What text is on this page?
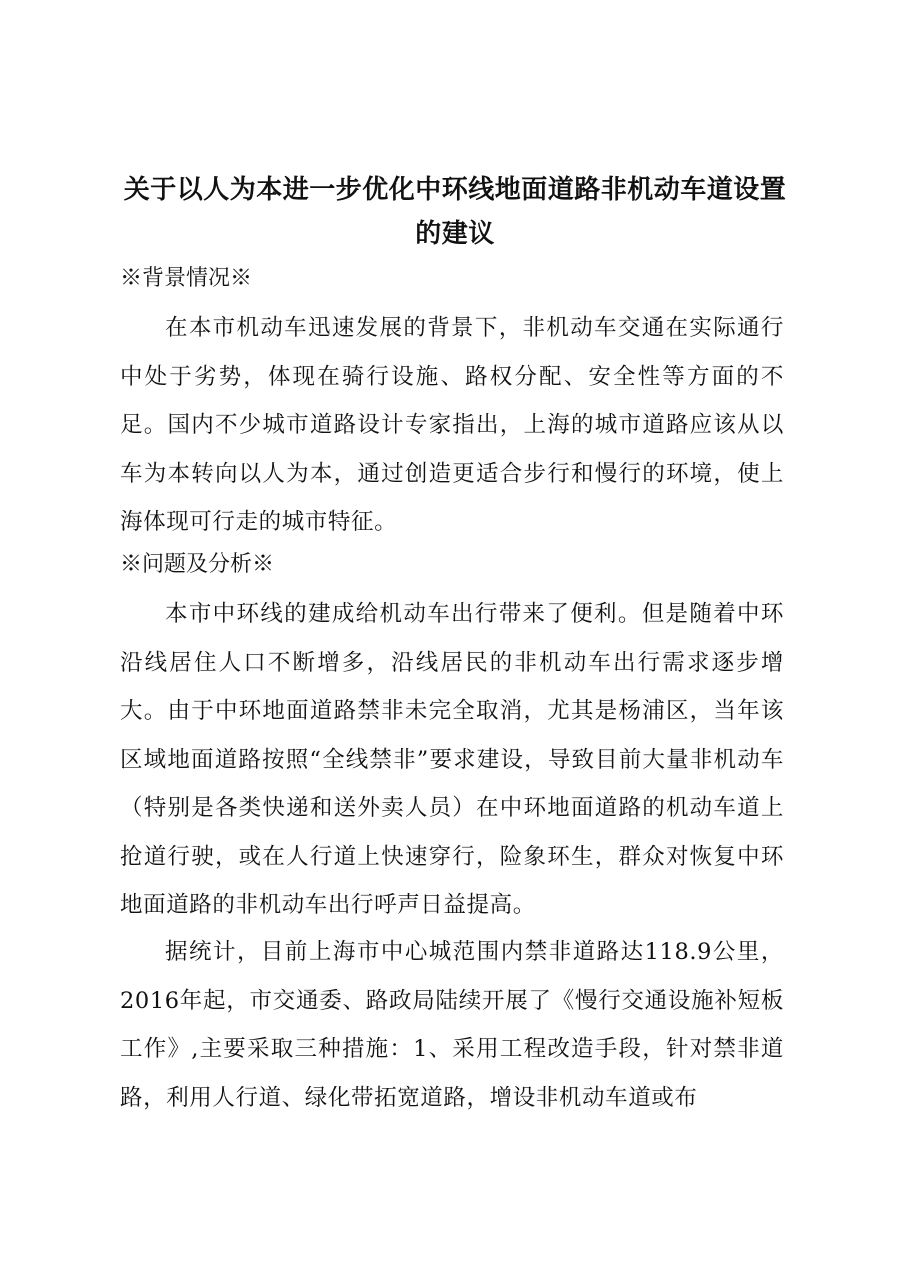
关于以人为本进一步优化中环线地面道路非机动车道设置的建议
※背景情况※

在本市机动车迅速发展的背景下，非机动车交通在实际通行中处于劣势，体现在骑行设施、路权分配、安全性等方面的不足。国内不少城市道路设计专家指出，上海的城市道路应该从以车为本转向以人为本，通过创造更适合步行和慢行的环境，使上海体现可行走的城市特征。

※问题及分析※

本市中环线的建成给机动车出行带来了便利。但是随着中环沿线居住人口不断增多，沿线居民的非机动车出行需求逐步增大。由于中环地面道路禁非未完全取消，尤其是杨浦区，当年该区域地面道路按照“全线禁非”要求建设，导致目前大量非机动车（特别是各类快递和送外卖人员）在中环地面道路的机动车道上抢道行驶，或在人行道上快速穿行，险象环生，群众对恢复中环地面道路的非机动车出行呼声日益提高。

据统计，目前上海市中心城范围内禁非道路达118.9公里，2016年起，市交通委、路政局陆续开展了《慢行交通设施补短板工作》,主要采取三种措施：1、采用工程改造手段，针对禁非道路，利用人行道、绿化带拓宽道路，增设非机动车道或布
